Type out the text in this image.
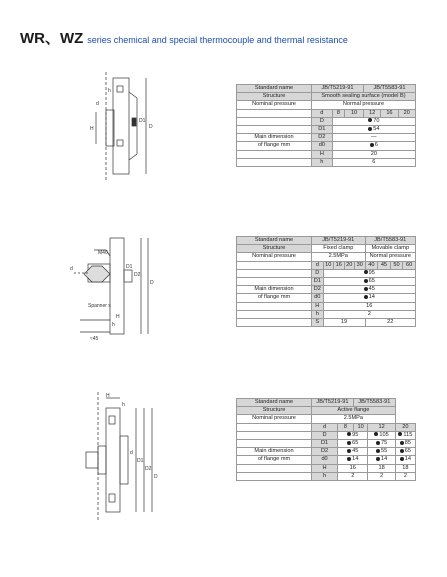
WR、WZ series chemical and special thermocouple and thermal resistance
d
D1
D
h
H
Standard name	JB/T5219-91			JB/T5583-91		
Structure	Smooth sealing surface (model B)					
Nominal pressure	Normal pressure					
	d	8	10	12	16	20
	D	70				
	D1	54				
Main dimension	D2	—				
of flange mm	d0	6				
	H	20				
	h	6				
M40
d	D1
D2
D
Spanner s
H
h
≈45
Standard name	JB/T5219-91					JB/T5583-91			
Structure	Fixed clamp					Movable clamp			
Nominal pressure	2.5MPa					Normal pressure			
	d	10	16	20	30	40	45	50	60
	D	95							
	D1	65							
Main dimension	D2	45							
of flange mm	d0	14							
	H	16							
	h	2							
	S	19				22			
H
h
d
D1
D2
D
Standard name	JB/T5219-91		JB/T5583-91		
Structure	Active flange				
Nominal pressure	2.5MPa				
	d	8	10	12	20
	D	95		105	115
	D1	65		75	85
Main dimension	D2	45		55	65
of flange mm	d0	14		14	14
	H	16		18	18
	h	2		2	2
